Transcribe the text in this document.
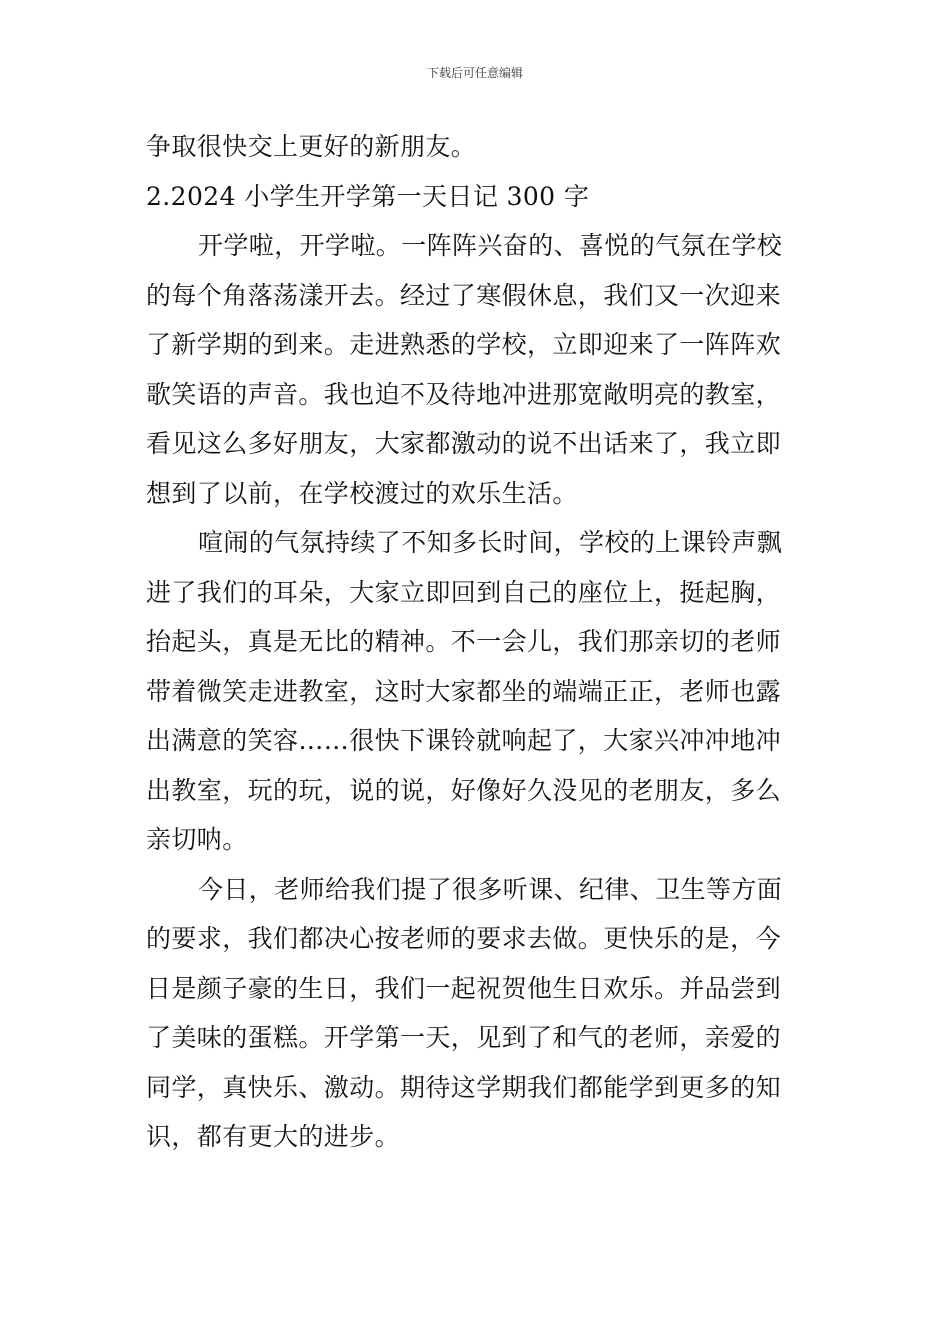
下载后可任意编辑
争取很快交上更好的新朋友。
2.2024 小学生开学第一天日记 300 字
开学啦，开学啦。一阵阵兴奋的、喜悦的气氛在学校
的每个角落荡漾开去。经过了寒假休息，我们又一次迎来
了新学期的到来。走进熟悉的学校，立即迎来了一阵阵欢
歌笑语的声音。我也迫不及待地冲进那宽敞明亮的教室，
看见这么多好朋友，大家都激动的说不出话来了，我立即
想到了以前，在学校渡过的欢乐生活。
喧闹的气氛持续了不知多长时间，学校的上课铃声飘
进了我们的耳朵，大家立即回到自己的座位上，挺起胸，
抬起头，真是无比的精神。不一会儿，我们那亲切的老师
带着微笑走进教室，这时大家都坐的端端正正，老师也露
出满意的笑容……很快下课铃就响起了，大家兴冲冲地冲
出教室，玩的玩，说的说，好像好久没见的老朋友，多么
亲切呐。
今日，老师给我们提了很多听课、纪律、卫生等方面
的要求，我们都决心按老师的要求去做。更快乐的是，今
日是颜子豪的生日，我们一起祝贺他生日欢乐。并品尝到
了美味的蛋糕。开学第一天，见到了和气的老师，亲爱的
同学，真快乐、激动。期待这学期我们都能学到更多的知
识，都有更大的进步。
